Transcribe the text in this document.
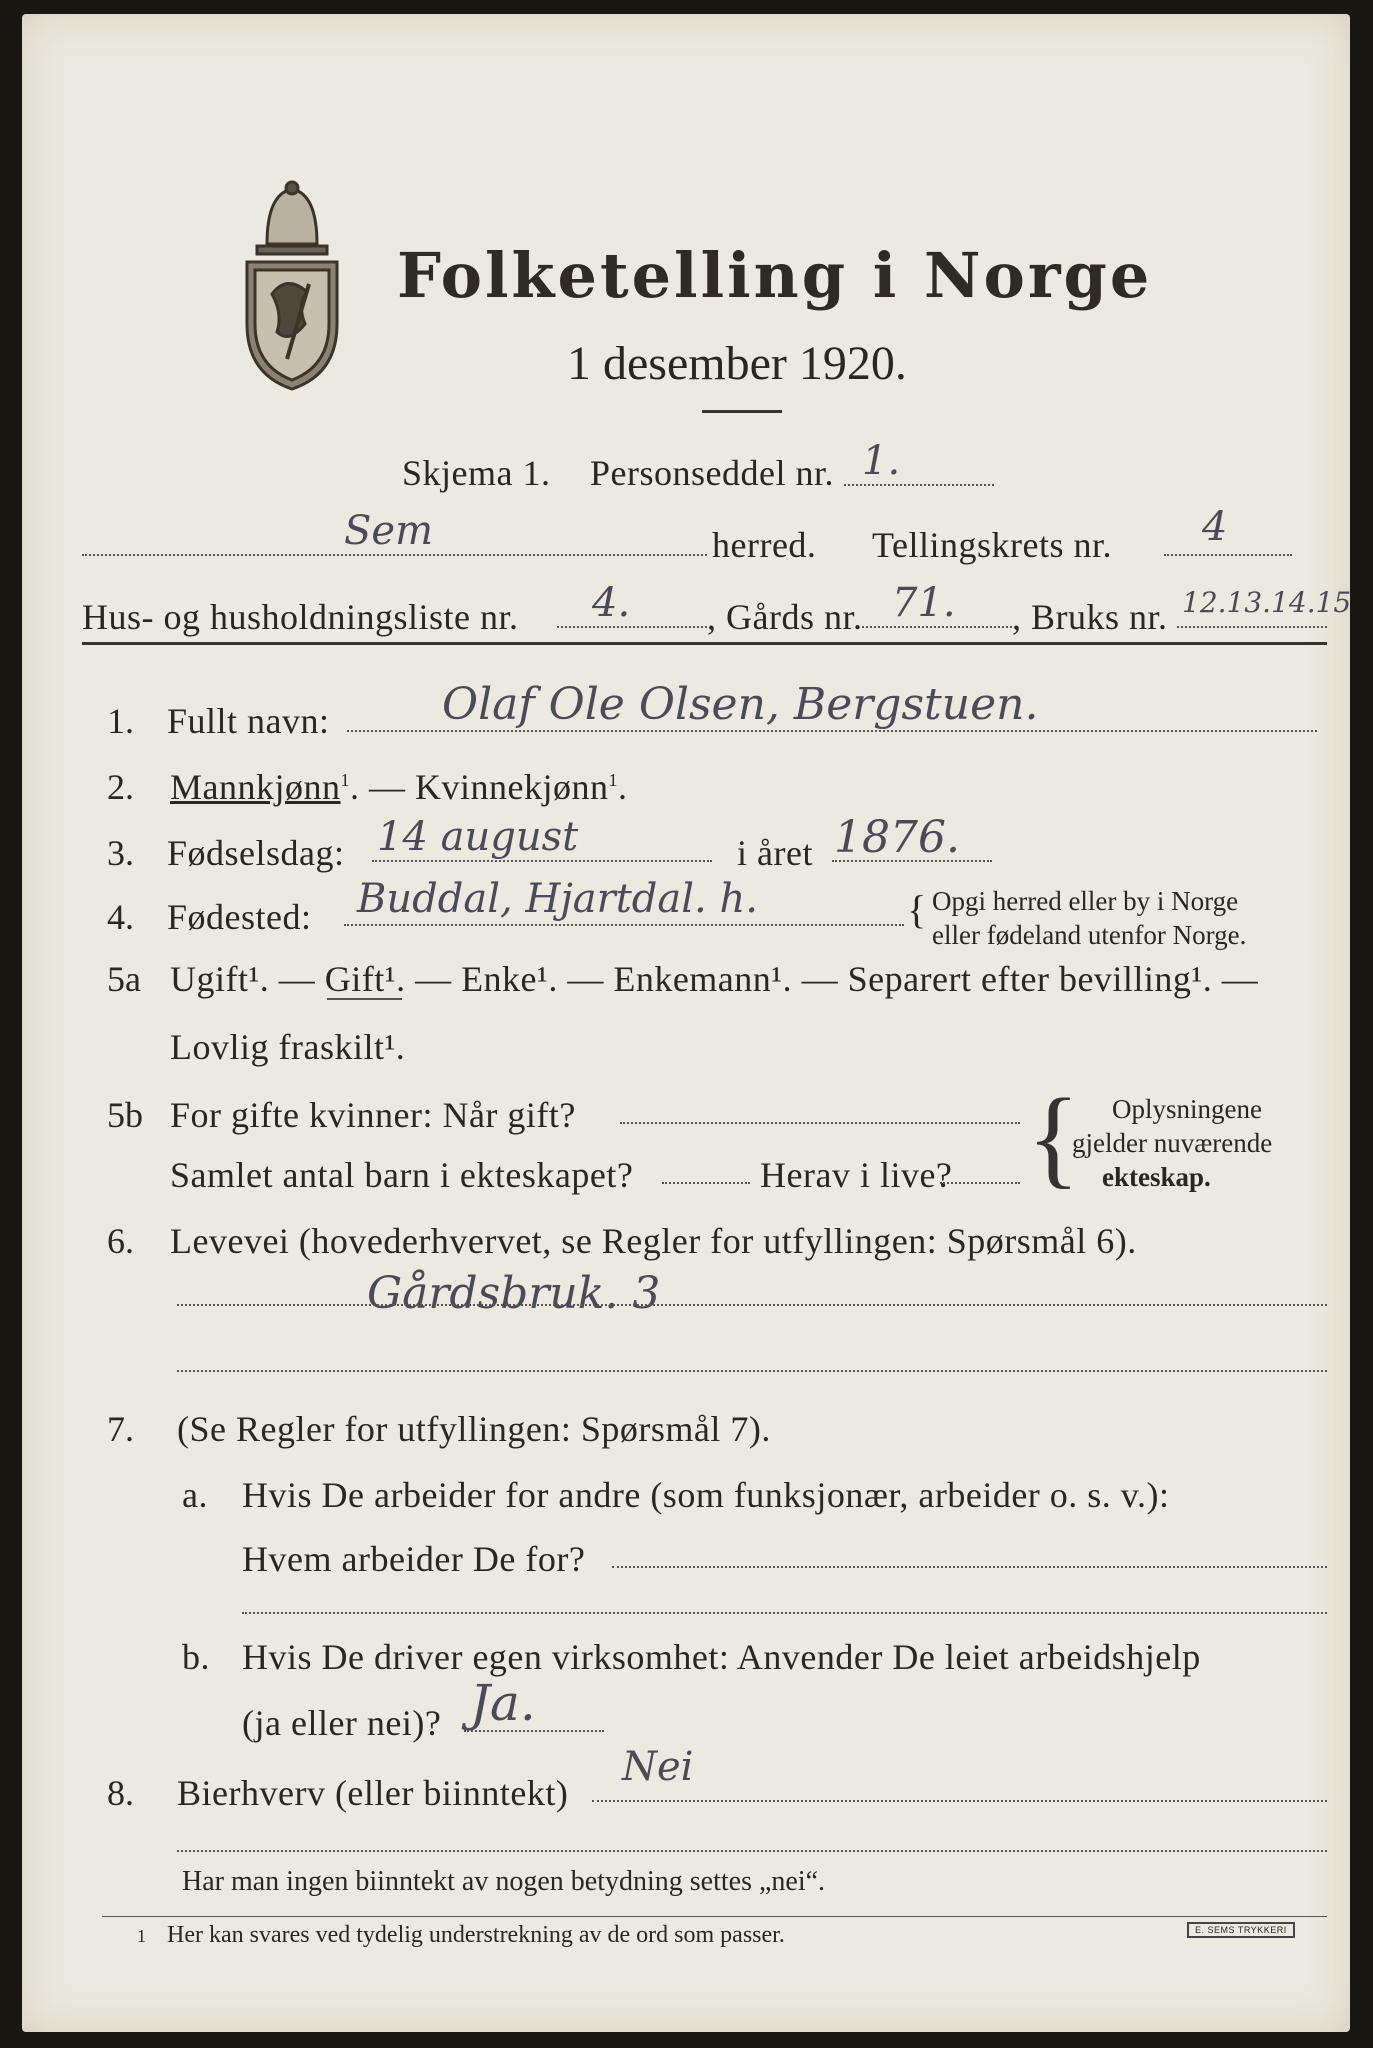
Folketelling i Norge
1 desember 1920.
Skjema 1. Personseddel nr. 1.
Sem	herred. Tellingskrets nr. 4
Hus- og husholdningsliste nr. 4. , Gårds nr. 71. , Bruks nr. 12.13.14.15
1. Fullt navn:	Olaf Ole Olsen, Bergstuen.
2. Mannkjønn$^1$. — Kvinnekjønn$^1$.
3. Fødselsdag: 14 august	i året 1876.
4. Fødested: Buddal, Hjartdal. h.	{ Opgi herred eller by i Norge
eller fødeland utenfor Norge.
5a Ugift¹. — Gift¹. — Enke¹. — Enkemann¹. — Separert efter bevilling¹. —
Lovlig fraskilt¹.
5b For gifte kvinner: Når gift?
Samlet antal barn i ekteskapet?	Herav i live? { Oplysningene
gjelder nuværende
ekteskap.
6. Levevei (hovederhvervet, se Regler for utfyllingen: Spørsmål 6).
Gårdsbruk. 3
7. (Se Regler for utfyllingen: Spørsmål 7).
a. Hvis De arbeider for andre (som funksjonær, arbeider o. s. v.):
Hvem arbeider De for?
b. Hvis De driver egen virksomhet: Anvender De leiet arbeidshjelp
(ja eller nei)? Ja.
8. Bierhverv (eller biinntekt)
Nei
Har man ingen biinntekt av nogen betydning settes „nei“.
1 Her kan svares ved tydelig understrekning av de ord som passer.	E. SEMS TRYKKERI
